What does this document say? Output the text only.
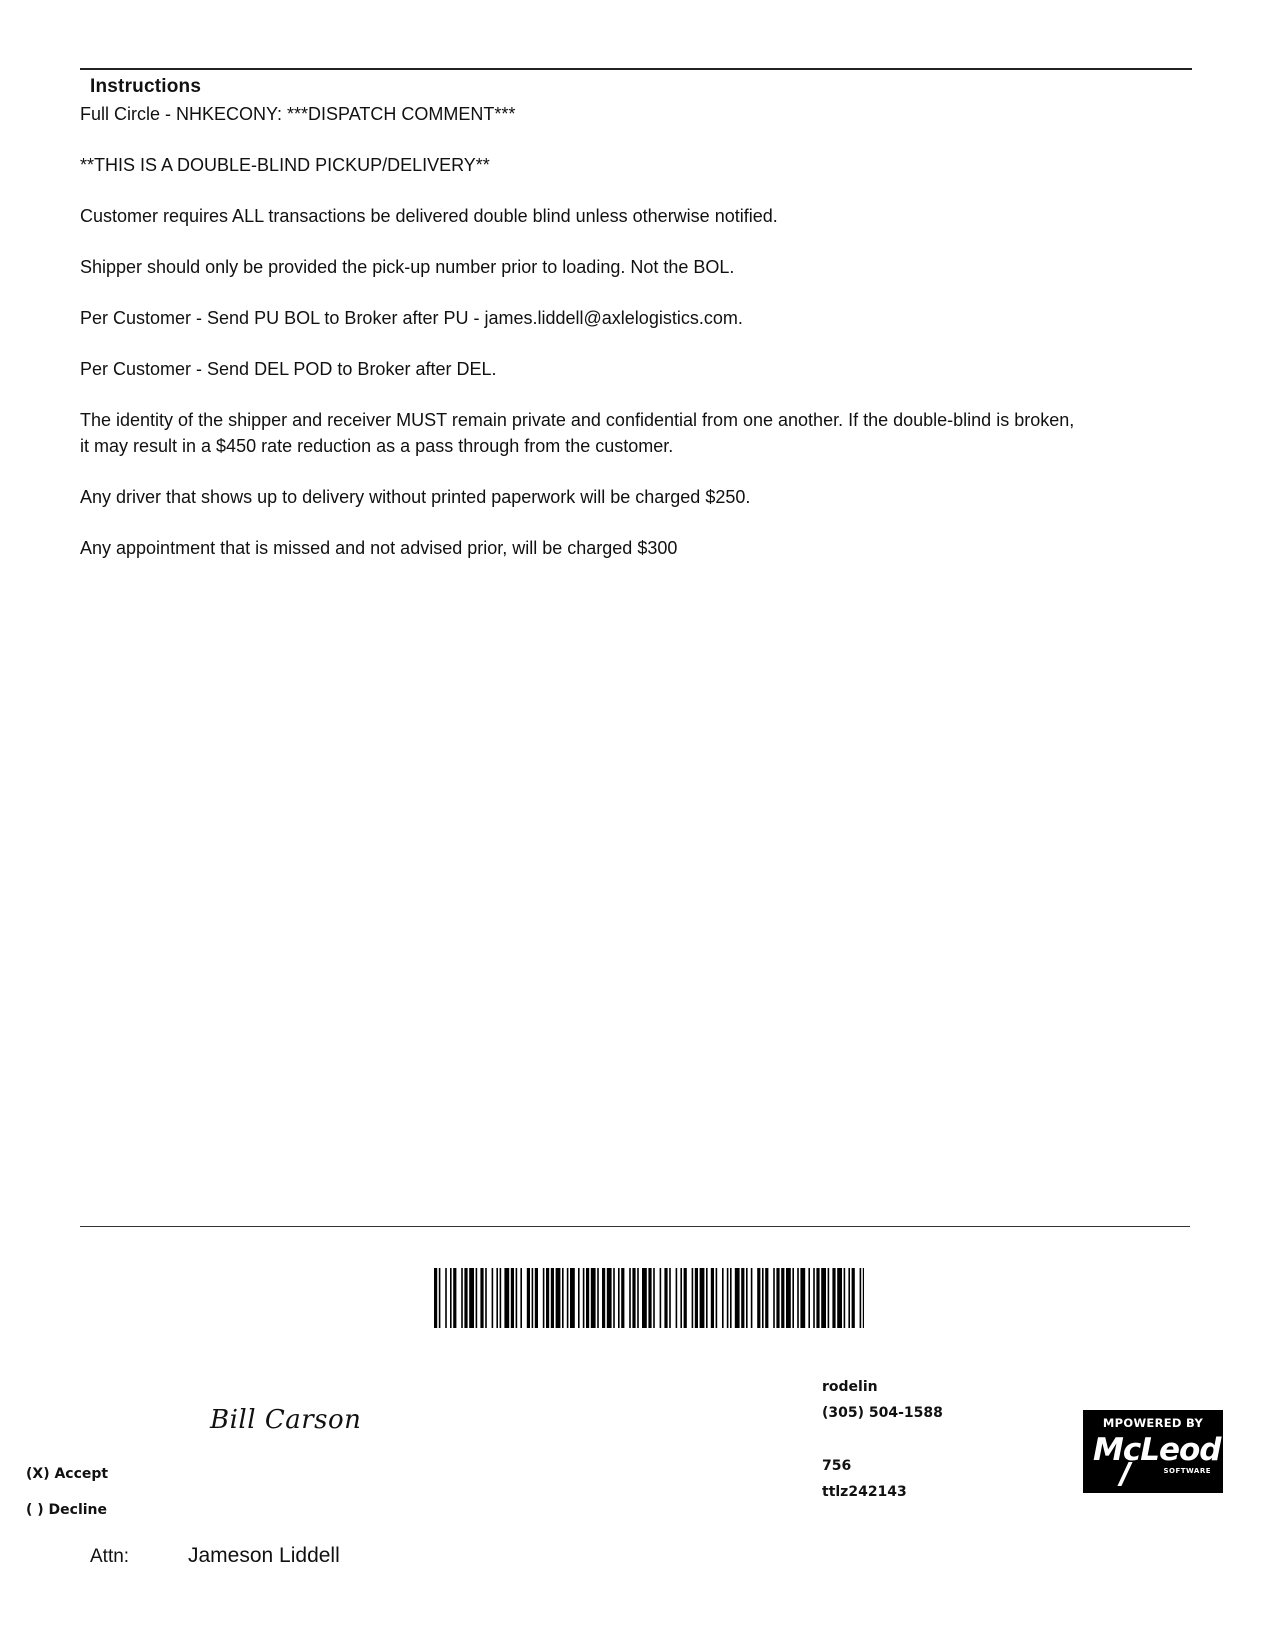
Instructions

Full Circle - NHKECONY: ***DISPATCH COMMENT***

**THIS IS A DOUBLE-BLIND PICKUP/DELIVERY**

Customer requires ALL transactions be delivered double blind unless otherwise notified.

Shipper should only be provided the pick-up number prior to loading. Not the BOL.

Per Customer - Send PU BOL to Broker after PU - james.liddell@axlelogistics.com.

Per Customer - Send DEL POD to Broker after DEL.

The identity of the shipper and receiver MUST remain private and confidential from one another. If the double-blind is broken, it may result in a $450 rate reduction as a pass through from the customer.

Any driver that shows up to delivery without printed paperwork will be charged $250.

Any appointment that is missed and not advised prior, will be charged $300

Bill Carson
(X) Accept
( ) Decline
Attn:	Jameson Liddell
rodelin
(305) 504-1588
756
ttlz242143
MPOWERED BY
McLeod
SOFTWARE
